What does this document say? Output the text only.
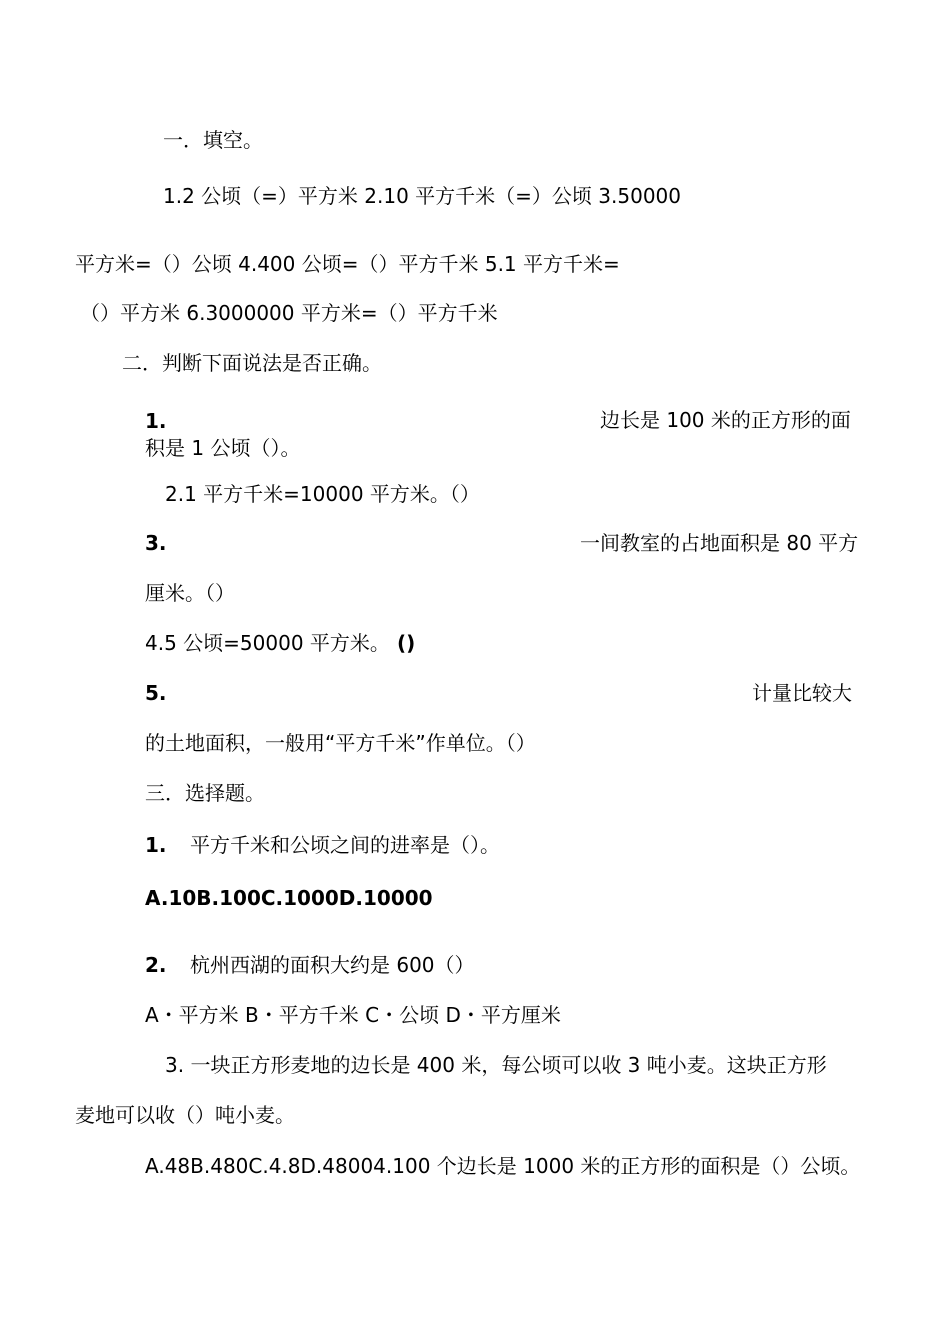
一．填空。
1.2 公顷（=）平方米 2.10 平方千米（=）公顷 3.50000
平方米=（）公顷 4.400 公顷=（）平方千米 5.1 平方千米=
（）平方米 6.3000000 平方米=（）平方千米
二．判断下面说法是否正确。
1.	边长是 100 米的正方形的面
积是 1 公顷（）。
2.1 平方千米=10000 平方米。（）
3.	一间教室的占地面积是 80 平方
厘米。（）
4.5 公顷=50000 平方米。 ()
5.	计量比较大
的土地面积，一般用“平方千米”作单位。（）
三．选择题。
1. 平方千米和公顷之间的进率是（）。
A.10B.100C.1000D.10000
2. 杭州西湖的面积大约是 600（）
A・平方米 B・平方千米 C・公顷 D・平方厘米
3. 一块正方形麦地的边长是 400 米，每公顷可以收 3 吨小麦。这块正方形
麦地可以收（）吨小麦。
A.48B.480C.4.8D.48004.100 个边长是 1000 米的正方形的面积是（）公顷。
